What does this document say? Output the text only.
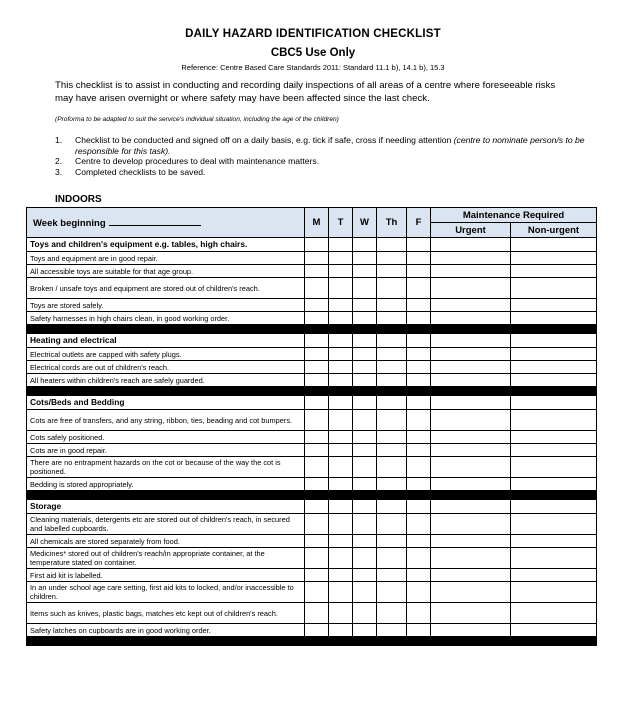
DAILY HAZARD IDENTIFICATION CHECKLIST
CBC5 Use Only
Reference: Centre Based Care Standards 2011: Standard 11.1 b), 14.1 b), 15.3
This checklist is to assist in conducting and recording daily inspections of all areas of a centre where foreseeable risks may have arisen overnight or where safety may have been affected since the last check.
(Proforma to be adapted to suit the service's individual situation, including the age of the children)
1.	Checklist to be conducted and signed off on a daily basis, e.g. tick if safe, cross if needing attention (centre to nominate person/s to be responsible for this task).
2.	Centre to develop procedures to deal with maintenance matters.
3.	Completed checklists to be saved.
INDOORS
Week beginning	M	T	W	Th	F	Maintenance Required	
						Urgent	Non-urgent
Toys and children's equipment e.g. tables, high chairs.							
Toys and equipment are in good repair.							
All accessible toys are suitable for that age group.							
Broken / unsafe toys and equipment are stored out of children's reach.							
Toys are stored safely.							
Safety harnesses in high chairs clean, in good working order.							

Heating and electrical							
Electrical outlets are capped with safety plugs.							
Electrical cords are out of children's reach.							
All heaters within children's reach are safely guarded.							

Cots/Beds and Bedding							
Cots are free of transfers, and any string, ribbon, ties, beading and cot bumpers.							
Cots safely positioned.							
Cots are in good repair.							
There are no entrapment hazards on the cot or because of the way the cot is positioned.							
Bedding is stored appropriately.							

Storage							
Cleaning materials, detergents etc are stored out of children's reach, in secured and labelled cupboards.							
All chemicals are stored separately from food.							
Medicines* stored out of children's reach/in appropriate container, at the temperature stated on container.							
First aid kit is labelled.							
In an under school age care setting, first aid kits to locked, and/or inaccessible to children.							
Items such as knives, plastic bags, matches etc kept out of children's reach.							
Safety latches on cupboards are in good working order.							
